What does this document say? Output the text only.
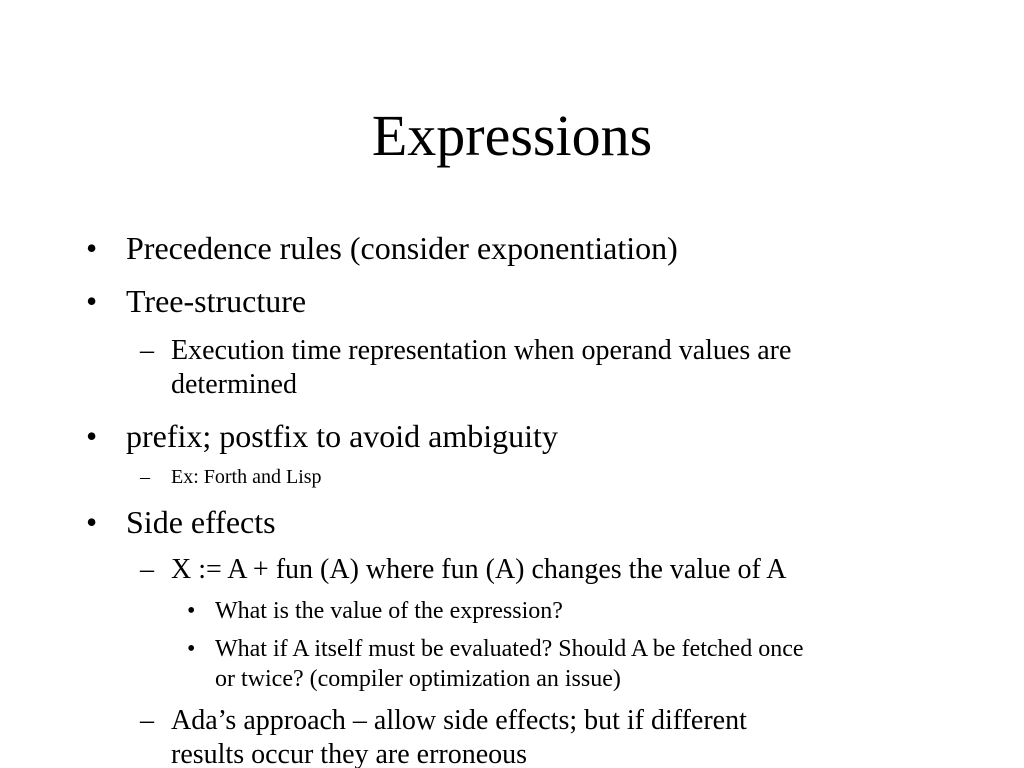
Expressions
• Precedence rules (consider exponentiation)
• Tree-structure
– Execution time representation when operand values are
determined
• prefix; postfix to avoid ambiguity
– Ex: Forth and Lisp
• Side effects
– X := A + fun (A) where fun (A) changes the value of A
• What is the value of the expression?
• What if A itself must be evaluated? Should A be fetched once
or twice? (compiler optimization an issue)
– Ada’s approach – allow side effects; but if different
results occur they are erroneous
